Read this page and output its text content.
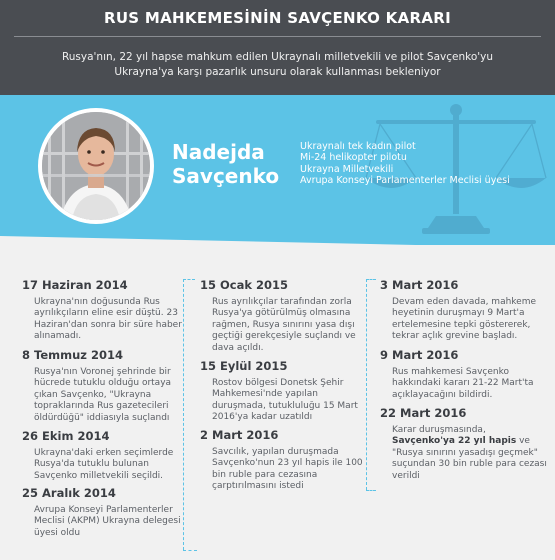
RUS MAHKEMESİNİN SAVÇENKO KARARI
Rusya'nın, 22 yıl hapse mahkum edilen Ukraynalı milletvekili ve pilot Savçenko'yu Ukrayna'ya karşı pazarlık unsuru olarak kullanması bekleniyor
Nadejda
Savçenko
Ukraynalı tek kadın pilot
Mi-24 helikopter pilotu
Ukrayna Milletvekili
Avrupa Konseyi Parlamenterler Meclisi üyesi
17 Haziran 2014
Ukrayna'nın doğusunda Rus ayrılıkçıların eline esir düştü. 23 Haziran'dan sonra bir süre haber alınamadı.
8 Temmuz 2014
Rusya'nın Voronej şehrinde bir hücrede tutuklu olduğu ortaya çıkan Savçenko, "Ukrayna topraklarında Rus gazetecileri öldürdüğü" iddiasıyla suçlandı
26 Ekim 2014
Ukrayna'daki erken seçimlerde Rusya'da tutuklu bulunan Savçenko milletvekili seçildi.
25 Aralık 2014
Avrupa Konseyi Parlamenterler Meclisi (AKPM) Ukrayna delegesi üyesi oldu
15 Ocak 2015
Rus ayrılıkçılar tarafından zorla Rusya'ya götürülmüş olmasına rağmen, Rusya sınırını yasa dışı geçtiği gerekçesiyle suçlandı ve dava açıldı.
15 Eylül 2015
Rostov bölgesi Donetsk Şehir Mahkemesi'nde yapılan duruşmada, tutukluluğu 15 Mart 2016'ya kadar uzatıldı
2 Mart 2016
Savcılık, yapılan duruşmada Savçenko'nun 23 yıl hapis ile 100 bin ruble para cezasına çarptırılmasını istedi
3 Mart 2016
Devam eden davada, mahkeme heyetinin duruşmayı 9 Mart'a ertelemesine tepki göstererek, tekrar açlık grevine başladı.
9 Mart 2016
Rus mahkemesi Savçenko hakkındaki kararı 21-22 Mart'ta açıklayacağını bildirdi.
22 Mart 2016
Karar duruşmasında, Savçenko'ya 22 yıl hapis ve "Rusya sınırını yasadışı geçmek" suçundan 30 bin ruble para cezası verildi
